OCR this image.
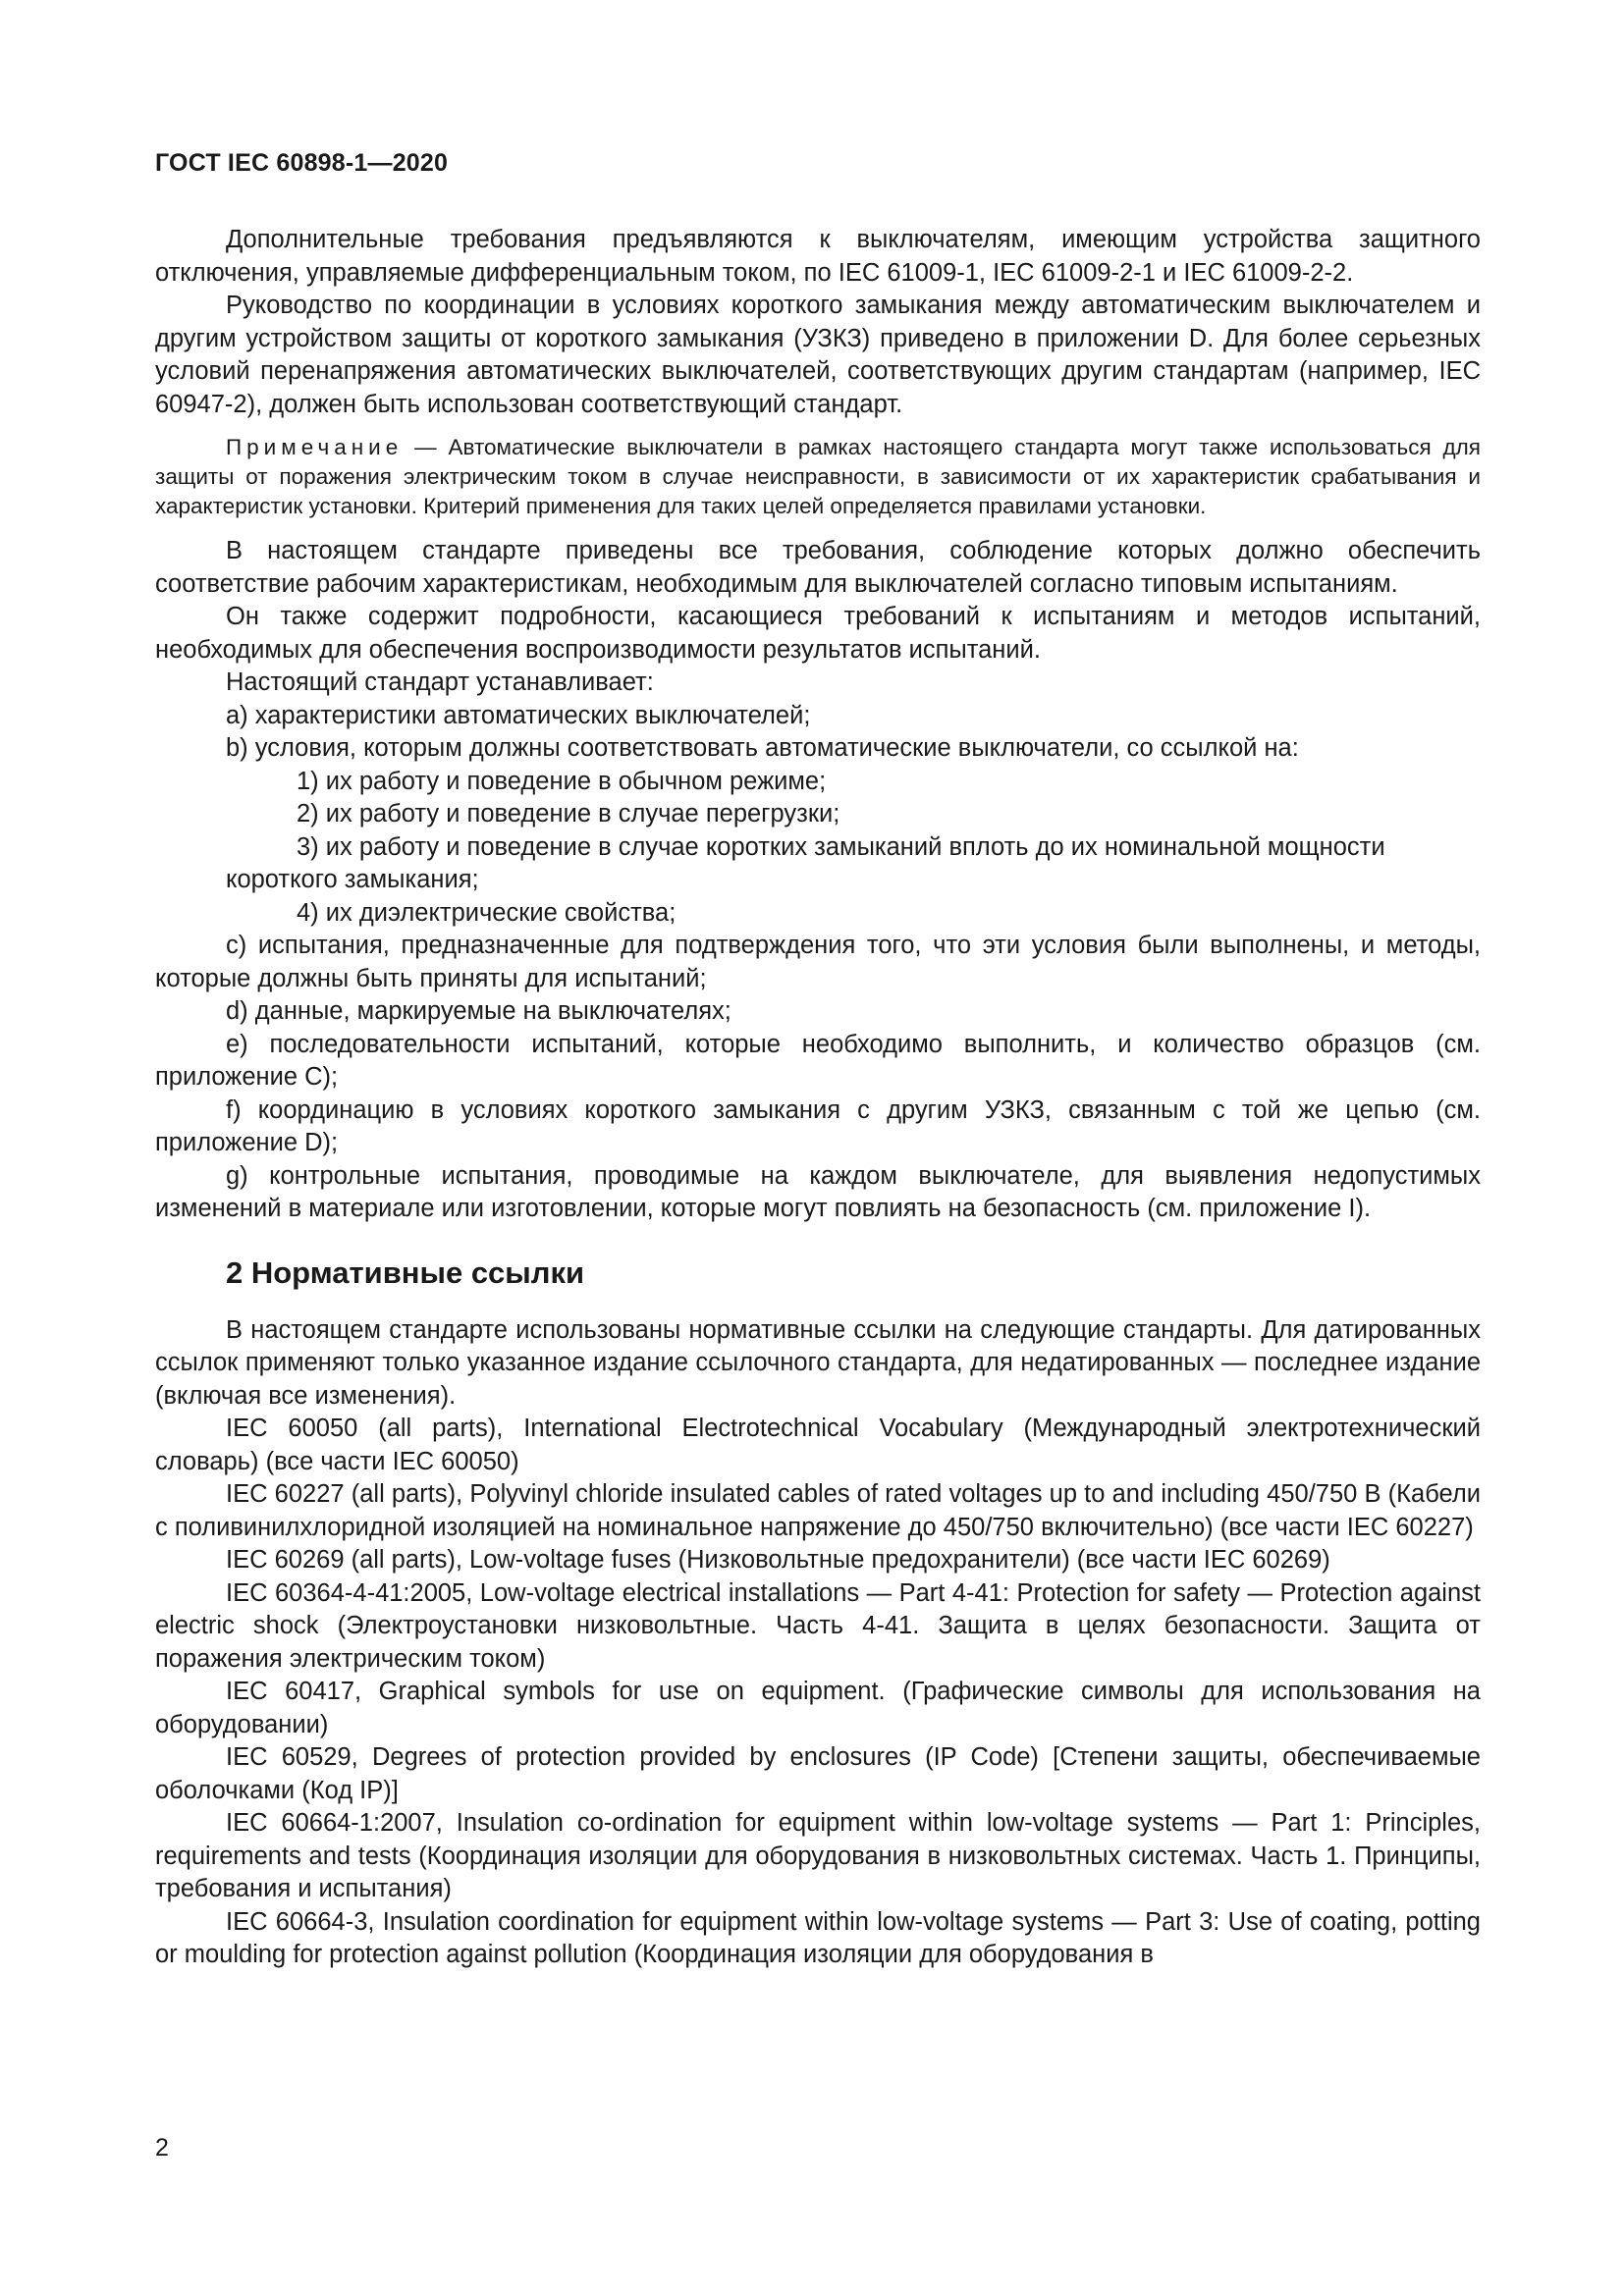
ГОСТ IEC 60898-1—2020

Дополнительные требования предъявляются к выключателям, имеющим устройства защитного отключения, управляемые дифференциальным током, по IEC 61009-1, IEC 61009-2-1 и IEC 61009-2-2.

Руководство по координации в условиях короткого замыкания между автоматическим выключателем и другим устройством защиты от короткого замыкания (УЗКЗ) приведено в приложении D. Для более серьезных условий перенапряжения автоматических выключателей, соответствующих другим стандартам (например, IEC 60947-2), должен быть использован соответствующий стандарт.

Примечание — Автоматические выключатели в рамках настоящего стандарта могут также использоваться для защиты от поражения электрическим током в случае неисправности, в зависимости от их характеристик срабатывания и характеристик установки. Критерий применения для таких целей определяется правилами установки.

В настоящем стандарте приведены все требования, соблюдение которых должно обеспечить соответствие рабочим характеристикам, необходимым для выключателей согласно типовым испытаниям.

Он также содержит подробности, касающиеся требований к испытаниям и методов испытаний, необходимых для обеспечения воспроизводимости результатов испытаний.

Настоящий стандарт устанавливает:

a) характеристики автоматических выключателей;

b) условия, которым должны соответствовать автоматические выключатели, со ссылкой на:

1) их работу и поведение в обычном режиме;

2) их работу и поведение в случае перегрузки;

3) их работу и поведение в случае коротких замыканий вплоть до их номинальной мощности

короткого замыкания;

4) их диэлектрические свойства;

c) испытания, предназначенные для подтверждения того, что эти условия были выполнены, и методы, которые должны быть приняты для испытаний;

d) данные, маркируемые на выключателях;

e) последовательности испытаний, которые необходимо выполнить, и количество образцов (см. приложение С);

f) координацию в условиях короткого замыкания с другим УЗКЗ, связанным с той же цепью (см. приложение D);

g) контрольные испытания, проводимые на каждом выключателе, для выявления недопустимых изменений в материале или изготовлении, которые могут повлиять на безопасность (см. приложение I).

2 Нормативные ссылки

В настоящем стандарте использованы нормативные ссылки на следующие стандарты. Для датированных ссылок применяют только указанное издание ссылочного стандарта, для недатированных — последнее издание (включая все изменения).

IEC 60050 (all parts), International Electrotechnical Vocabulary (Международный электротехнический словарь) (все части IEC 60050)

IEC 60227 (all parts), Polyvinyl chloride insulated cables of rated voltages up to and including 450/750 В (Кабели с поливинилхлоридной изоляцией на номинальное напряжение до 450/750 включительно) (все части IEC 60227)

IEC 60269 (all parts), Low-voltage fuses (Низковольтные предохранители) (все части IEC 60269)

IEC 60364-4-41:2005, Low-voltage electrical installations — Part 4-41: Protection for safety — Protection against electric shock (Электроустановки низковольтные. Часть 4-41. Защита в целях безопасности. Защита от поражения электрическим током)

IEC 60417, Graphical symbols for use on equipment. (Графические символы для использования на оборудовании)

IEC 60529, Degrees of protection provided by enclosures (IP Code) [Степени защиты, обеспечиваемые оболочками (Код IP)]

IEC 60664-1:2007, Insulation co-ordination for equipment within low-voltage systems — Part 1: Principles, requirements and tests (Координация изоляции для оборудования в низковольтных системах. Часть 1. Принципы, требования и испытания)

IEC 60664-3, Insulation coordination for equipment within low-voltage systems — Part 3: Use of coating, potting or moulding for protection against pollution (Координация изоляции для оборудования в

2
